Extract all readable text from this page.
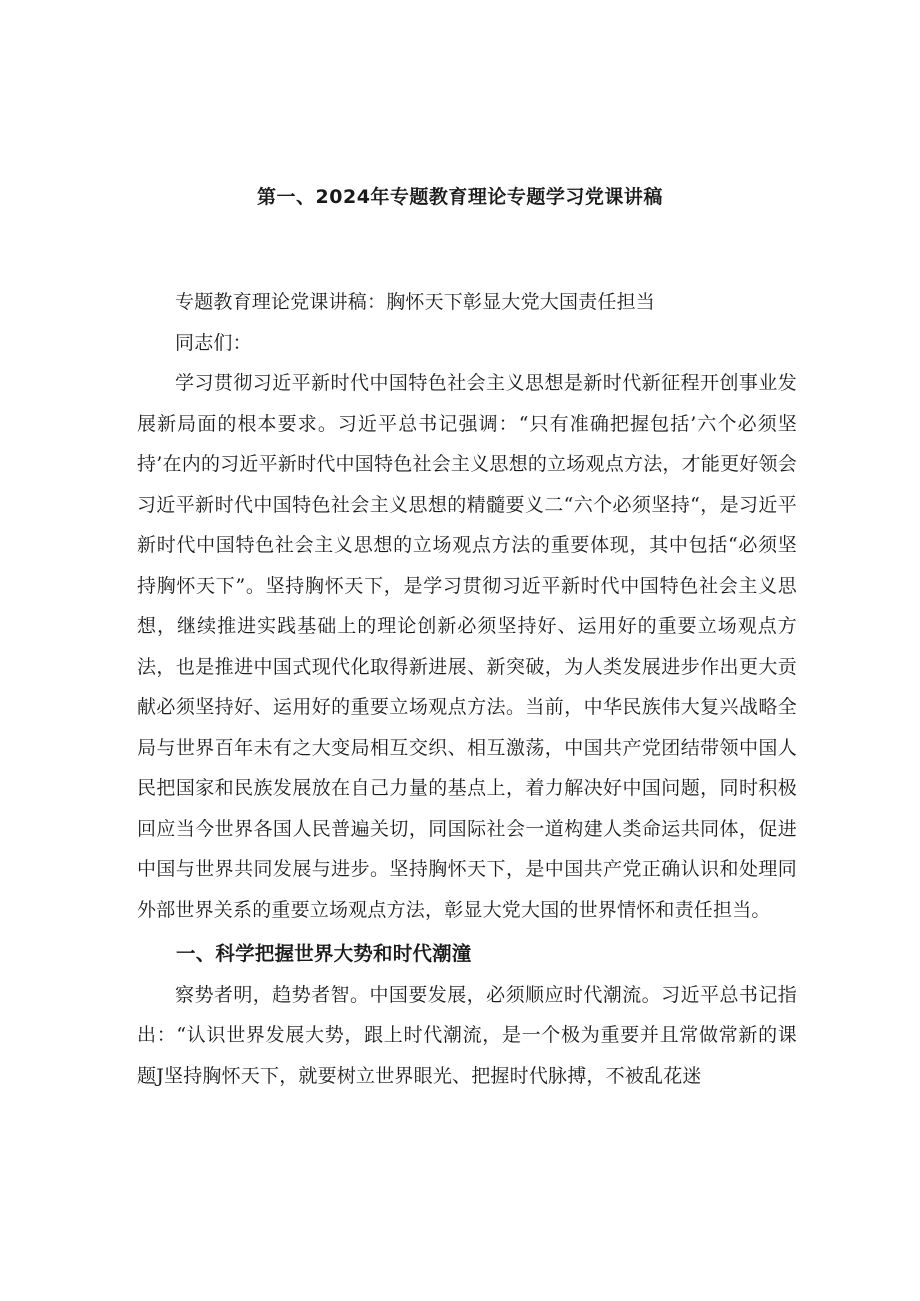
第一、2024年专题教育理论专题学习党课讲稿

专题教育理论党课讲稿：胸怀天下彰显大党大国责任担当

同志们：

学习贯彻习近平新时代中国特色社会主义思想是新时代新征程开创事业发展新局面的根本要求。习近平总书记强调：“只有准确把握包括’六个必须坚持’在内的习近平新时代中国特色社会主义思想的立场观点方法，才能更好领会习近平新时代中国特色社会主义思想的精髓要义二“六个必须坚持“，是习近平新时代中国特色社会主义思想的立场观点方法的重要体现，其中包括“必须坚持胸怀天下”。坚持胸怀天下，是学习贯彻习近平新时代中国特色社会主义思想，继续推进实践基础上的理论创新必须坚持好、运用好的重要立场观点方法，也是推进中国式现代化取得新进展、新突破，为人类发展进步作出更大贡献必须坚持好、运用好的重要立场观点方法。当前，中华民族伟大复兴战略全局与世界百年未有之大变局相互交织、相互激荡，中国共产党团结带领中国人民把国家和民族发展放在自己力量的基点上，着力解决好中国问题，同时积极回应当今世界各国人民普遍关切，同国际社会一道构建人类命运共同体，促进中国与世界共同发展与进步。坚持胸怀天下，是中国共产党正确认识和处理同外部世界关系的重要立场观点方法，彰显大党大国的世界情怀和责任担当。

一、科学把握世界大势和时代潮潼

察势者明，趋势者智。中国要发展，必须顺应时代潮流。习近平总书记指出：“认识世界发展大势，跟上时代潮流，是一个极为重要并且常做常新的课题J坚持胸怀天下，就要树立世界眼光、把握时代脉搏，不被乱花迷
